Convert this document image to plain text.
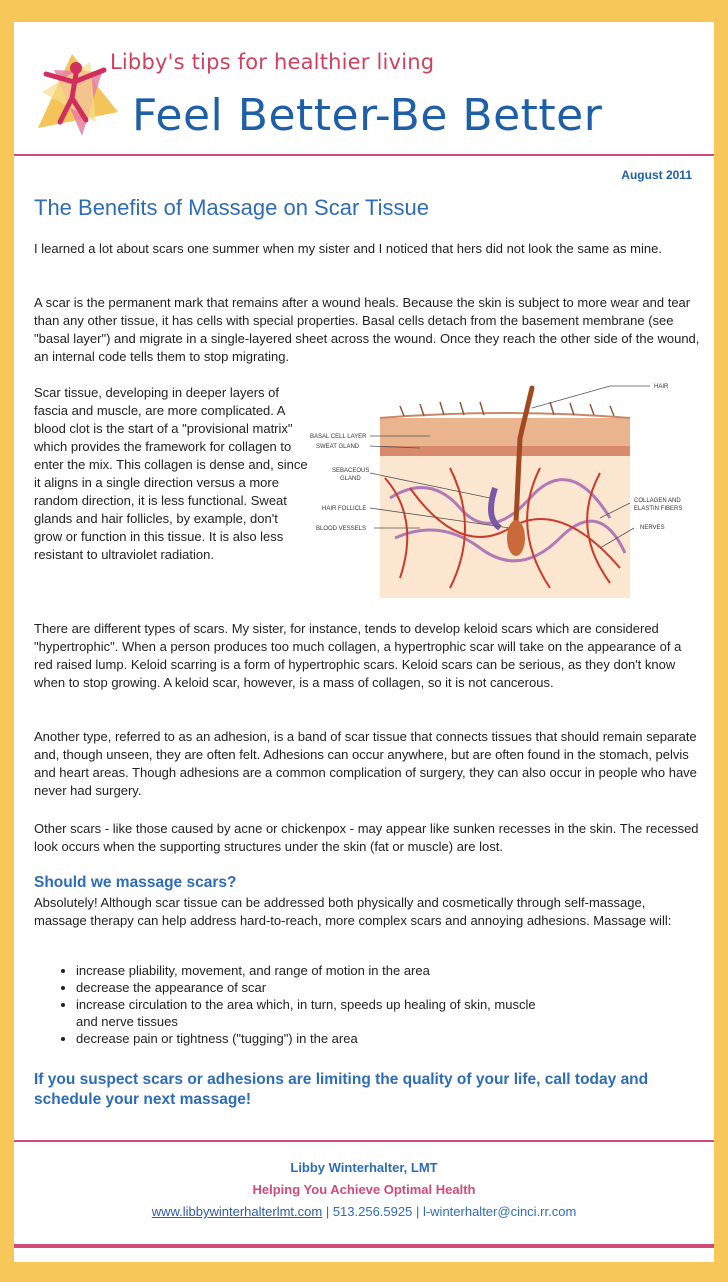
Libby's tips for healthier living
Feel Better-Be Better
August 2011
The Benefits of Massage on Scar Tissue

I learned a lot about scars one summer when my sister and I noticed that hers did not look the same as mine.

A scar is the permanent mark that remains after a wound heals. Because the skin is subject to more wear and tear than any other tissue, it has cells with special properties. Basal cells detach from the basement membrane (see "basal layer") and migrate in a single-layered sheet across the wound. Once they reach the other side of the wound, an internal code tells them to stop migrating.

Scar tissue, developing in deeper layers of fascia and muscle, are more complicated. A blood clot is the start of a "provisional matrix" which provides the framework for collagen to enter the mix. This collagen is dense and, since it aligns in a single direction versus a more random direction, it is less functional. Sweat glands and hair follicles, by example, don't grow or function in this tissue. It is also less resistant to ultraviolet radiation.

HAIR
BASAL CELL LAYER
SWEAT GLAND
SEBACEOUS
GLAND
HAIR FOLLICLE
BLOOD VESSELS
COLLAGEN AND
ELASTIN FIBERS
NERVES

There are different types of scars. My sister, for instance, tends to develop keloid scars which are considered "hypertrophic". When a person produces too much collagen, a hypertrophic scar will take on the appearance of a red raised lump. Keloid scarring is a form of hypertrophic scars. Keloid scars can be serious, as they don't know when to stop growing. A keloid scar, however, is a mass of collagen, so it is not cancerous.

Another type, referred to as an adhesion, is a band of scar tissue that connects tissues that should remain separate and, though unseen, they are often felt. Adhesions can occur anywhere, but are often found in the stomach, pelvis and heart areas. Though adhesions are a common complication of surgery, they can also occur in people who have never had surgery.

Other scars - like those caused by acne or chickenpox - may appear like sunken recesses in the skin. The recessed look occurs when the supporting structures under the skin (fat or muscle) are lost.

Should we massage scars?

Absolutely! Although scar tissue can be addressed both physically and cosmetically through self-massage, massage therapy can help address hard-to-reach, more complex scars and annoying adhesions. Massage will:

• increase pliability, movement, and range of motion in the area
• decrease the appearance of scar
• increase circulation to the area which, in turn, speeds up healing of skin, muscle and nerve tissues
• decrease pain or tightness ("tugging") in the area
If you suspect scars or adhesions are limiting the quality of your life, call today and schedule your next massage!
Libby Winterhalter, LMT
Helping You Achieve Optimal Health
www.libbywinterhalterlmt.com | 513.256.5925 | l-winterhalter@cinci.rr.com
